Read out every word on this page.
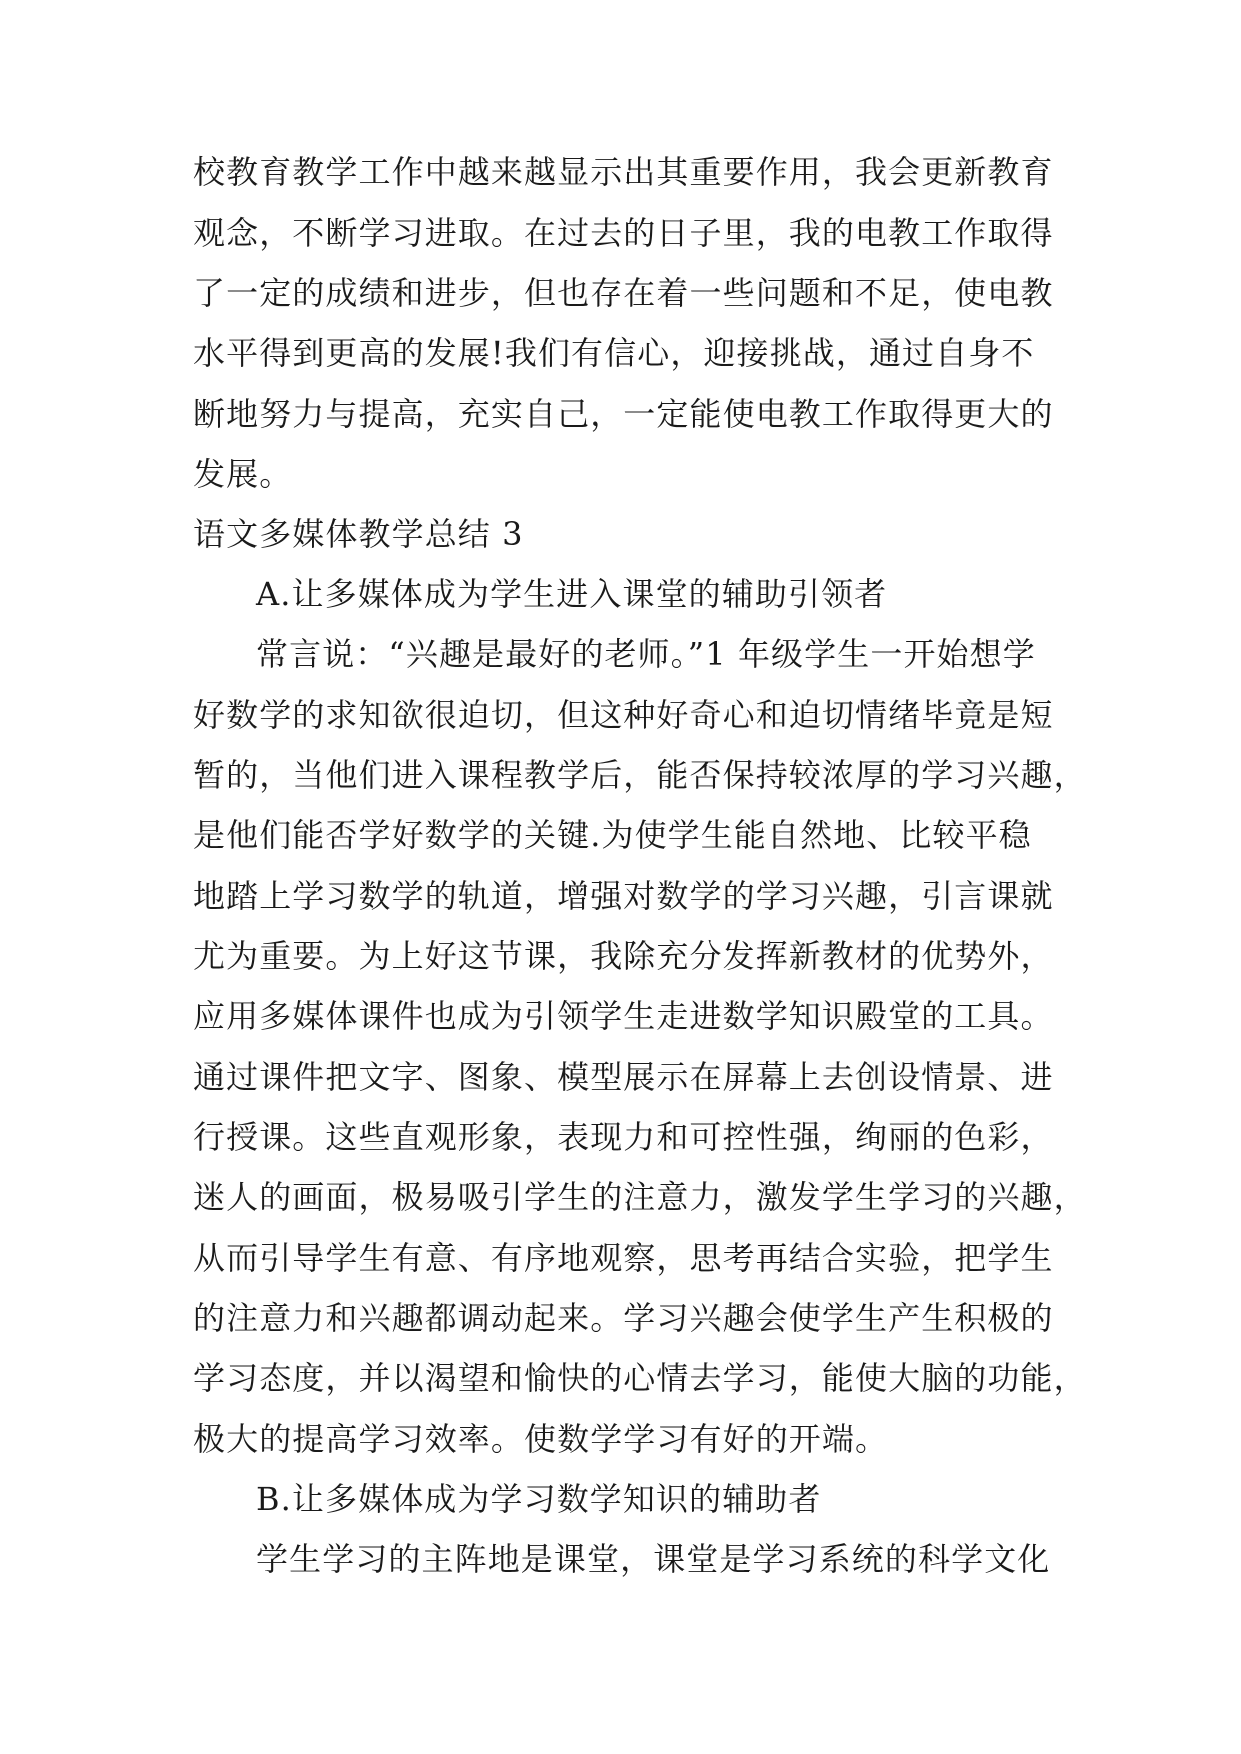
校教育教学工作中越来越显示出其重要作用，我会更新教育

观念，不断学习进取。在过去的日子里，我的电教工作取得

了一定的成绩和进步，但也存在着一些问题和不足，使电教

水平得到更高的发展!我们有信心，迎接挑战，通过自身不

断地努力与提高，充实自己，一定能使电教工作取得更大的

发展。

语文多媒体教学总结 3

A.让多媒体成为学生进入课堂的辅助引领者

常言说：“兴趣是最好的老师。”1 年级学生一开始想学

好数学的求知欲很迫切，但这种好奇心和迫切情绪毕竟是短

暂的，当他们进入课程教学后，能否保持较浓厚的学习兴趣，

是他们能否学好数学的关键.为使学生能自然地、比较平稳

地踏上学习数学的轨道，增强对数学的学习兴趣，引言课就

尤为重要。为上好这节课，我除充分发挥新教材的优势外，

应用多媒体课件也成为引领学生走进数学知识殿堂的工具。

通过课件把文字、图象、模型展示在屏幕上去创设情景、进

行授课。这些直观形象，表现力和可控性强，绚丽的色彩，

迷人的画面，极易吸引学生的注意力，激发学生学习的兴趣，

从而引导学生有意、有序地观察，思考再结合实验，把学生

的注意力和兴趣都调动起来。学习兴趣会使学生产生积极的

学习态度，并以渴望和愉快的心情去学习，能使大脑的功能，

极大的提高学习效率。使数学学习有好的开端。

B.让多媒体成为学习数学知识的辅助者

学生学习的主阵地是课堂，课堂是学习系统的科学文化
